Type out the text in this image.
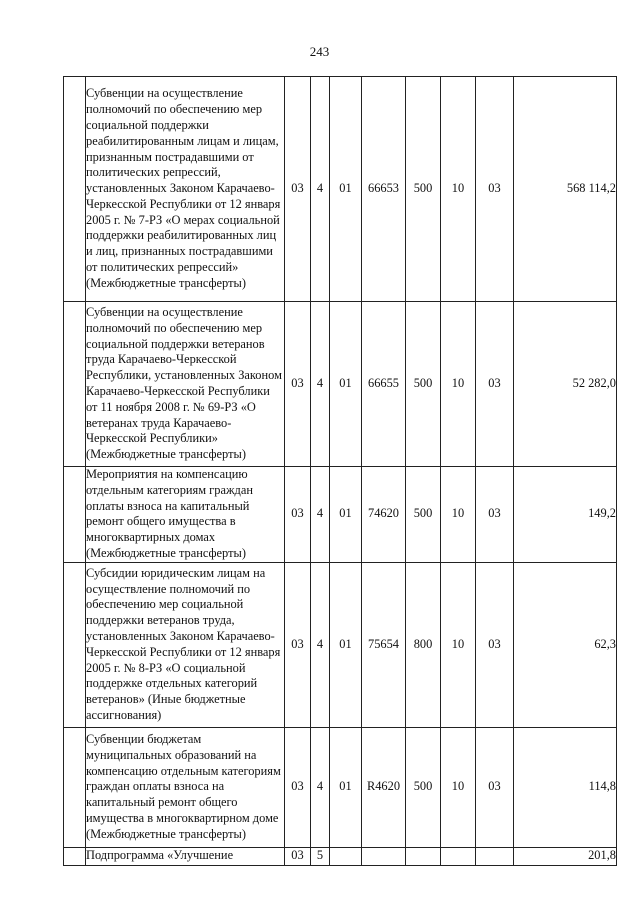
243
	Субвенции на осуществление полномочий по обеспечению мер социальной поддержки реабилитированным лицам и лицам, признанным пострадавшими от политических репрессий, установленных Законом Карачаево-Черкесской Республики от 12 января 2005 г. № 7-РЗ «О мерах социальной поддержки реабилитированных лиц и лиц, признанных пострадавшими от политических репрессий» (Межбюджетные трансферты)	03	4	01	66653	500	10	03	568 114,2
	Субвенции на осуществление полномочий по обеспечению мер социальной поддержки ветеранов труда Карачаево-Черкесской Республики, установленных Законом Карачаево-Черкесской Республики от 11 ноября 2008 г. № 69-РЗ «О ветеранах труда Карачаево-Черкесской Республики» (Межбюджетные трансферты)	03	4	01	66655	500	10	03	52 282,0
	Мероприятия на компенсацию отдельным категориям граждан оплаты взноса на капитальный ремонт общего имущества в многоквартирных домах (Межбюджетные трансферты)	03	4	01	74620	500	10	03	149,2
	Субсидии юридическим лицам на осуществление полномочий по обеспечению мер социальной поддержки ветеранов труда, установленных Законом Карачаево-Черкесской Республики от 12 января 2005 г. № 8-РЗ «О социальной поддержке отдельных категорий ветеранов» (Иные бюджетные ассигнования)	03	4	01	75654	800	10	03	62,3
	Субвенции бюджетам муниципальных образований на компенсацию отдельным категориям граждан оплаты взноса на капитальный ремонт общего имущества в многоквартирном доме (Межбюджетные трансферты)	03	4	01	R4620	500	10	03	114,8
	Подпрограмма «Улучшение	03	5						201,8
